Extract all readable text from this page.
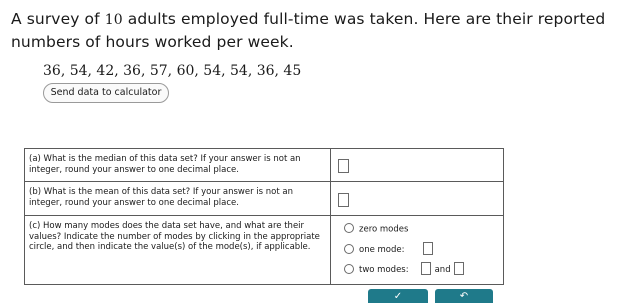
A survey of 10 adults employed full-time was taken. Here are their reported numbers of hours worked per week.
36, 54, 42, 36, 57, 60, 54, 54, 36, 45
Send data to calculator
(a) What is the median of this data set? If your answer is not an integer, round your answer to one decimal place.
(b) What is the mean of this data set? If your answer is not an integer, round your answer to one decimal place.
(c) How many modes does the data set have, and what are their values? Indicate the number of modes by clicking in the appropriate circle, and then indicate the value(s) of the mode(s), if applicable.
zero modes
one mode:
two modes:	and
✓	↶
